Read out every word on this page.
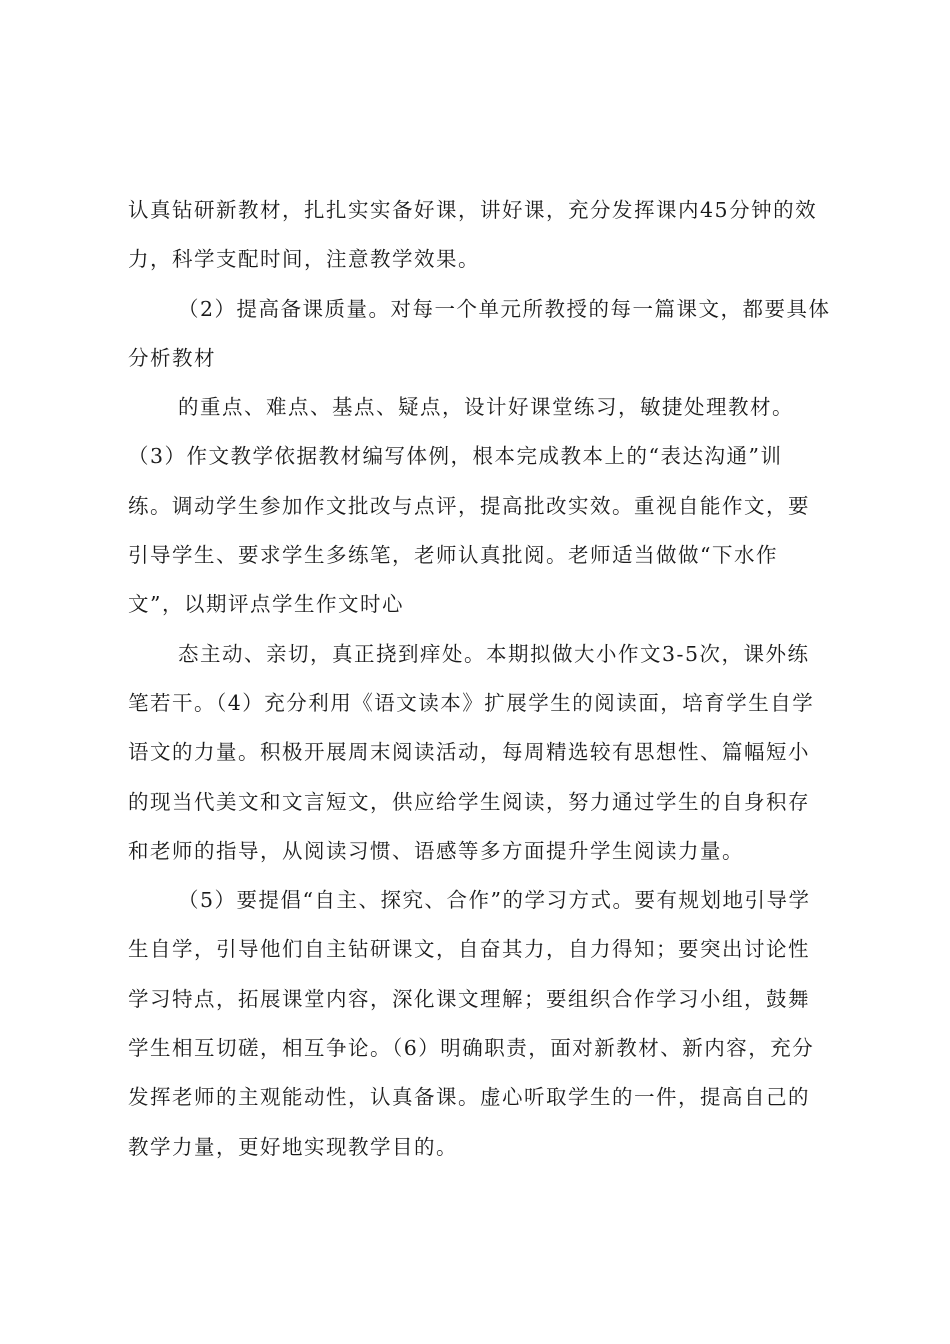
认真钻研新教材，扎扎实实备好课，讲好课，充分发挥课内45分钟的效
力，科学支配时间，注意教学效果。
（2）提高备课质量。对每一个单元所教授的每一篇课文，都要具体
分析教材
的重点、难点、基点、疑点，设计好课堂练习，敏捷处理教材。
（3）作文教学依据教材编写体例，根本完成教本上的“表达沟通”训
练。调动学生参加作文批改与点评，提高批改实效。重视自能作文，要
引导学生、要求学生多练笔，老师认真批阅。老师适当做做“下水作
文”，以期评点学生作文时心
态主动、亲切，真正挠到痒处。本期拟做大小作文3-5次，课外练
笔若干。（4）充分利用《语文读本》扩展学生的阅读面，培育学生自学
语文的力量。积极开展周末阅读活动，每周精选较有思想性、篇幅短小
的现当代美文和文言短文，供应给学生阅读，努力通过学生的自身积存
和老师的指导，从阅读习惯、语感等多方面提升学生阅读力量。
（5）要提倡“自主、探究、合作”的学习方式。要有规划地引导学
生自学，引导他们自主钻研课文，自奋其力，自力得知；要突出讨论性
学习特点，拓展课堂内容，深化课文理解；要组织合作学习小组，鼓舞
学生相互切磋，相互争论。（6）明确职责，面对新教材、新内容，充分
发挥老师的主观能动性，认真备课。虚心听取学生的一件，提高自己的
教学力量，更好地实现教学目的。
